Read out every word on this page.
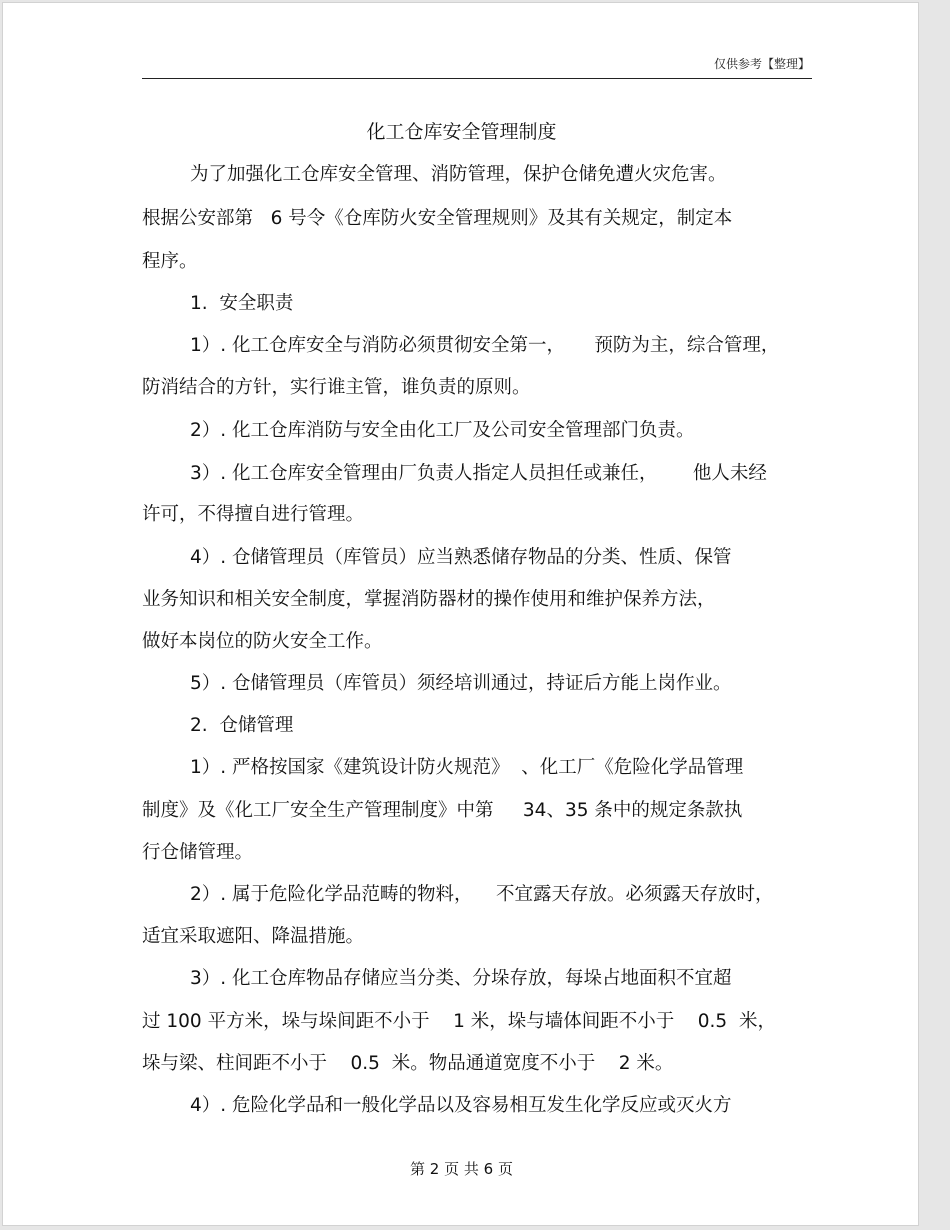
仅供参考【整理】
化工仓库安全管理制度
为了加强化工仓库安全管理、消防管理，保护仓储免遭火灾危害。
根据公安部第   6 号令《仓库防火安全管理规则》及其有关规定，制定本
程序。
1.  安全职责
1）. 化工仓库安全与消防必须贯彻安全第一，     预防为主，综合管理，
防消结合的方针，实行谁主管，谁负责的原则。
2）. 化工仓库消防与安全由化工厂及公司安全管理部门负责。
3）. 化工仓库安全管理由厂负责人指定人员担任或兼任，      他人未经
许可，不得擅自进行管理。
4）. 仓储管理员（库管员）应当熟悉储存物品的分类、性质、保管
业务知识和相关安全制度，掌握消防器材的操作使用和维护保养方法，
做好本岗位的防火安全工作。
5）. 仓储管理员（库管员）须经培训通过，持证后方能上岗作业。
2.  仓储管理
1）. 严格按国家《建筑设计防火规范》  、化工厂《危险化学品管理
制度》及《化工厂安全生产管理制度》中第     34、35 条中的规定条款执
行仓储管理。
2）. 属于危险化学品范畴的物料，    不宜露天存放。必须露天存放时，
适宜采取遮阳、降温措施。
3）. 化工仓库物品存储应当分类、分垛存放，每垛占地面积不宜超
过 100 平方米，垛与垛间距不小于    1 米，垛与墙体间距不小于    0.5  米，
垛与梁、柱间距不小于    0.5  米。物品通道宽度不小于    2 米。
4）. 危险化学品和一般化学品以及容易相互发生化学反应或灭火方
第 2 页 共 6 页
